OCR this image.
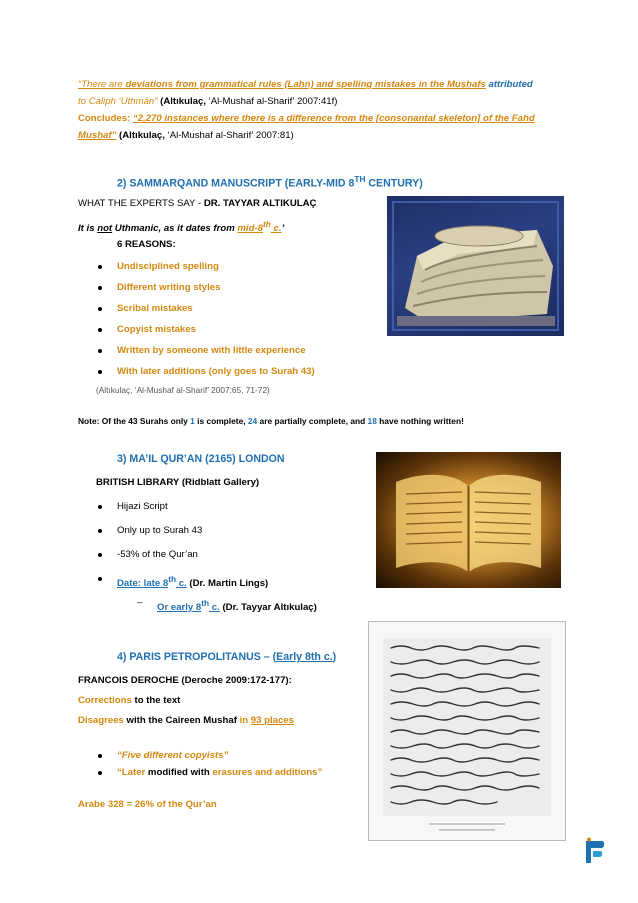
“There are deviations from grammatical rules (Laḥn) and spelling mistakes in the Muṣḥafs attributed
to Caliph ‘Uthmān” (Altıkulaç, ‘Al-Mushaf al-Sharif’ 2007:41f)
Concludes: “2,270 instances where there is a difference from the [consonantal skeleton] of the Fahd
Muṣḥaf” (Altıkulaç, ‘Al-Mushaf al-Sharif’ 2007:81)
2) SAMMARQAND MANUSCRIPT (EARLY-MID 8TH CENTURY)
WHAT THE EXPERTS SAY - DR. TAYYAR ALTIKULAÇ
It is not Uthmanic, as it dates from mid-8th c.’
6 REASONS:
Undisciplined spelling
Different writing styles
Scribal mistakes
Copyist mistakes
Written by someone with little experience
With later additions (only goes to Surah 43)
(Altıkulaç, ‘Al-Mushaf al-Sharif’ 2007:65, 71-72)
Note: Of the 43 Surahs only 1 is complete, 24 are partially complete, and 18 have nothing written!
3) MA’IL QUR’AN (2165) LONDON
BRITISH LIBRARY (Ridblatt Gallery)
Hijazi Script
Only up to Surah 43
-53% of the Qur’an
Date: late 8th c. (Dr. Martin Lings)
– Or early 8th c. (Dr. Tayyar Altıkulaç)
4) PARIS PETROPOLITANUS – (Early 8th c.)
FRANCOIS DEROCHE (Deroche 2009:172-177):
Corrections to the text
Disagrees with the Caireen Mushaf in 93 places
“Five different copyists”
“Later modified with erasures and additions”
Arabe 328 = 26% of the Qur’an
